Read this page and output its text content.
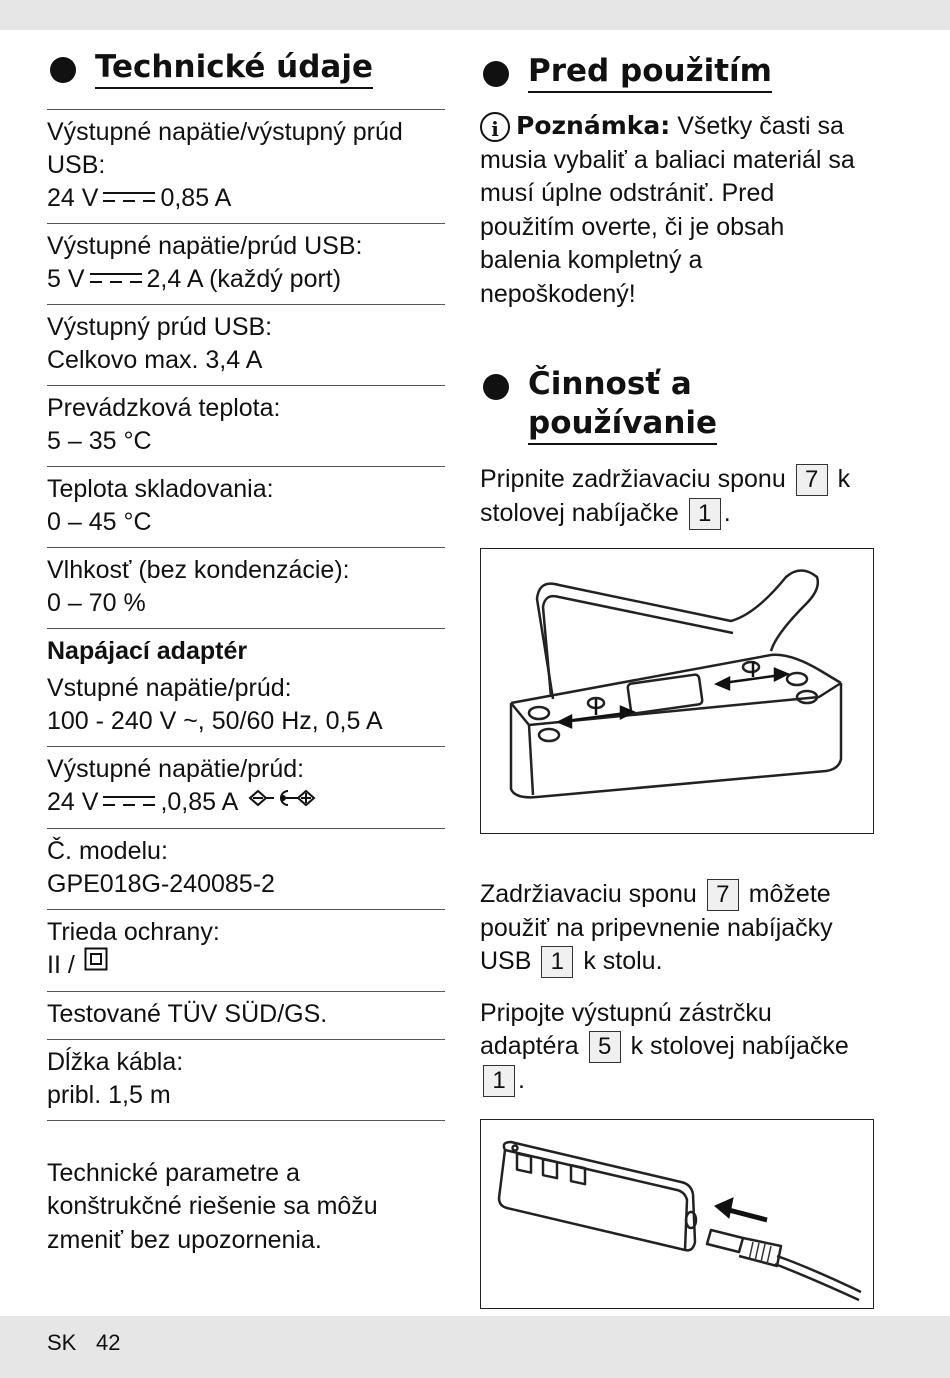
Technické údaje
Výstupné napätie/výstupný prúd USB:
24 V 0,85 A
Výstupné napätie/prúd USB:
5 V 2,4 A (každý port)
Výstupný prúd USB:
Celkovo max. 3,4 A
Prevádzková teplota:
5 – 35 °C
Teplota skladovania:
0 – 45 °C
Vlhkosť (bez kondenzácie):
0 – 70 %
Napájací adaptér
Vstupné napätie/prúd:
100 - 240 V ~, 50/60 Hz, 0,5 A
Výstupné napätie/prúd:
24 V ,0,85 A
Č. modelu:
GPE018G-240085-2
Trieda ochrany:
II /
Testované TÜV SÜD/GS.
Dĺžka kábla:
pribl. 1,5 m
Technické parametre a konštrukčné riešenie sa môžu zmeniť bez upozornenia.
Pred použitím
i Poznámka: Všetky časti sa musia vybaliť a baliaci materiál sa musí úplne odstrániť. Pred použitím overte, či je obsah balenia kompletný a nepoškodený!
Činnosť a
používanie
Pripnite zadržiavaciu sponu 7 k stolovej nabíjačke 1 .
Zadržiavaciu sponu 7 môžete použiť na pripevnenie nabíjačky USB 1 k stolu.
Pripojte výstupnú zástrčku adaptéra 5 k stolovej nabíjačke 1 .
SK 42
